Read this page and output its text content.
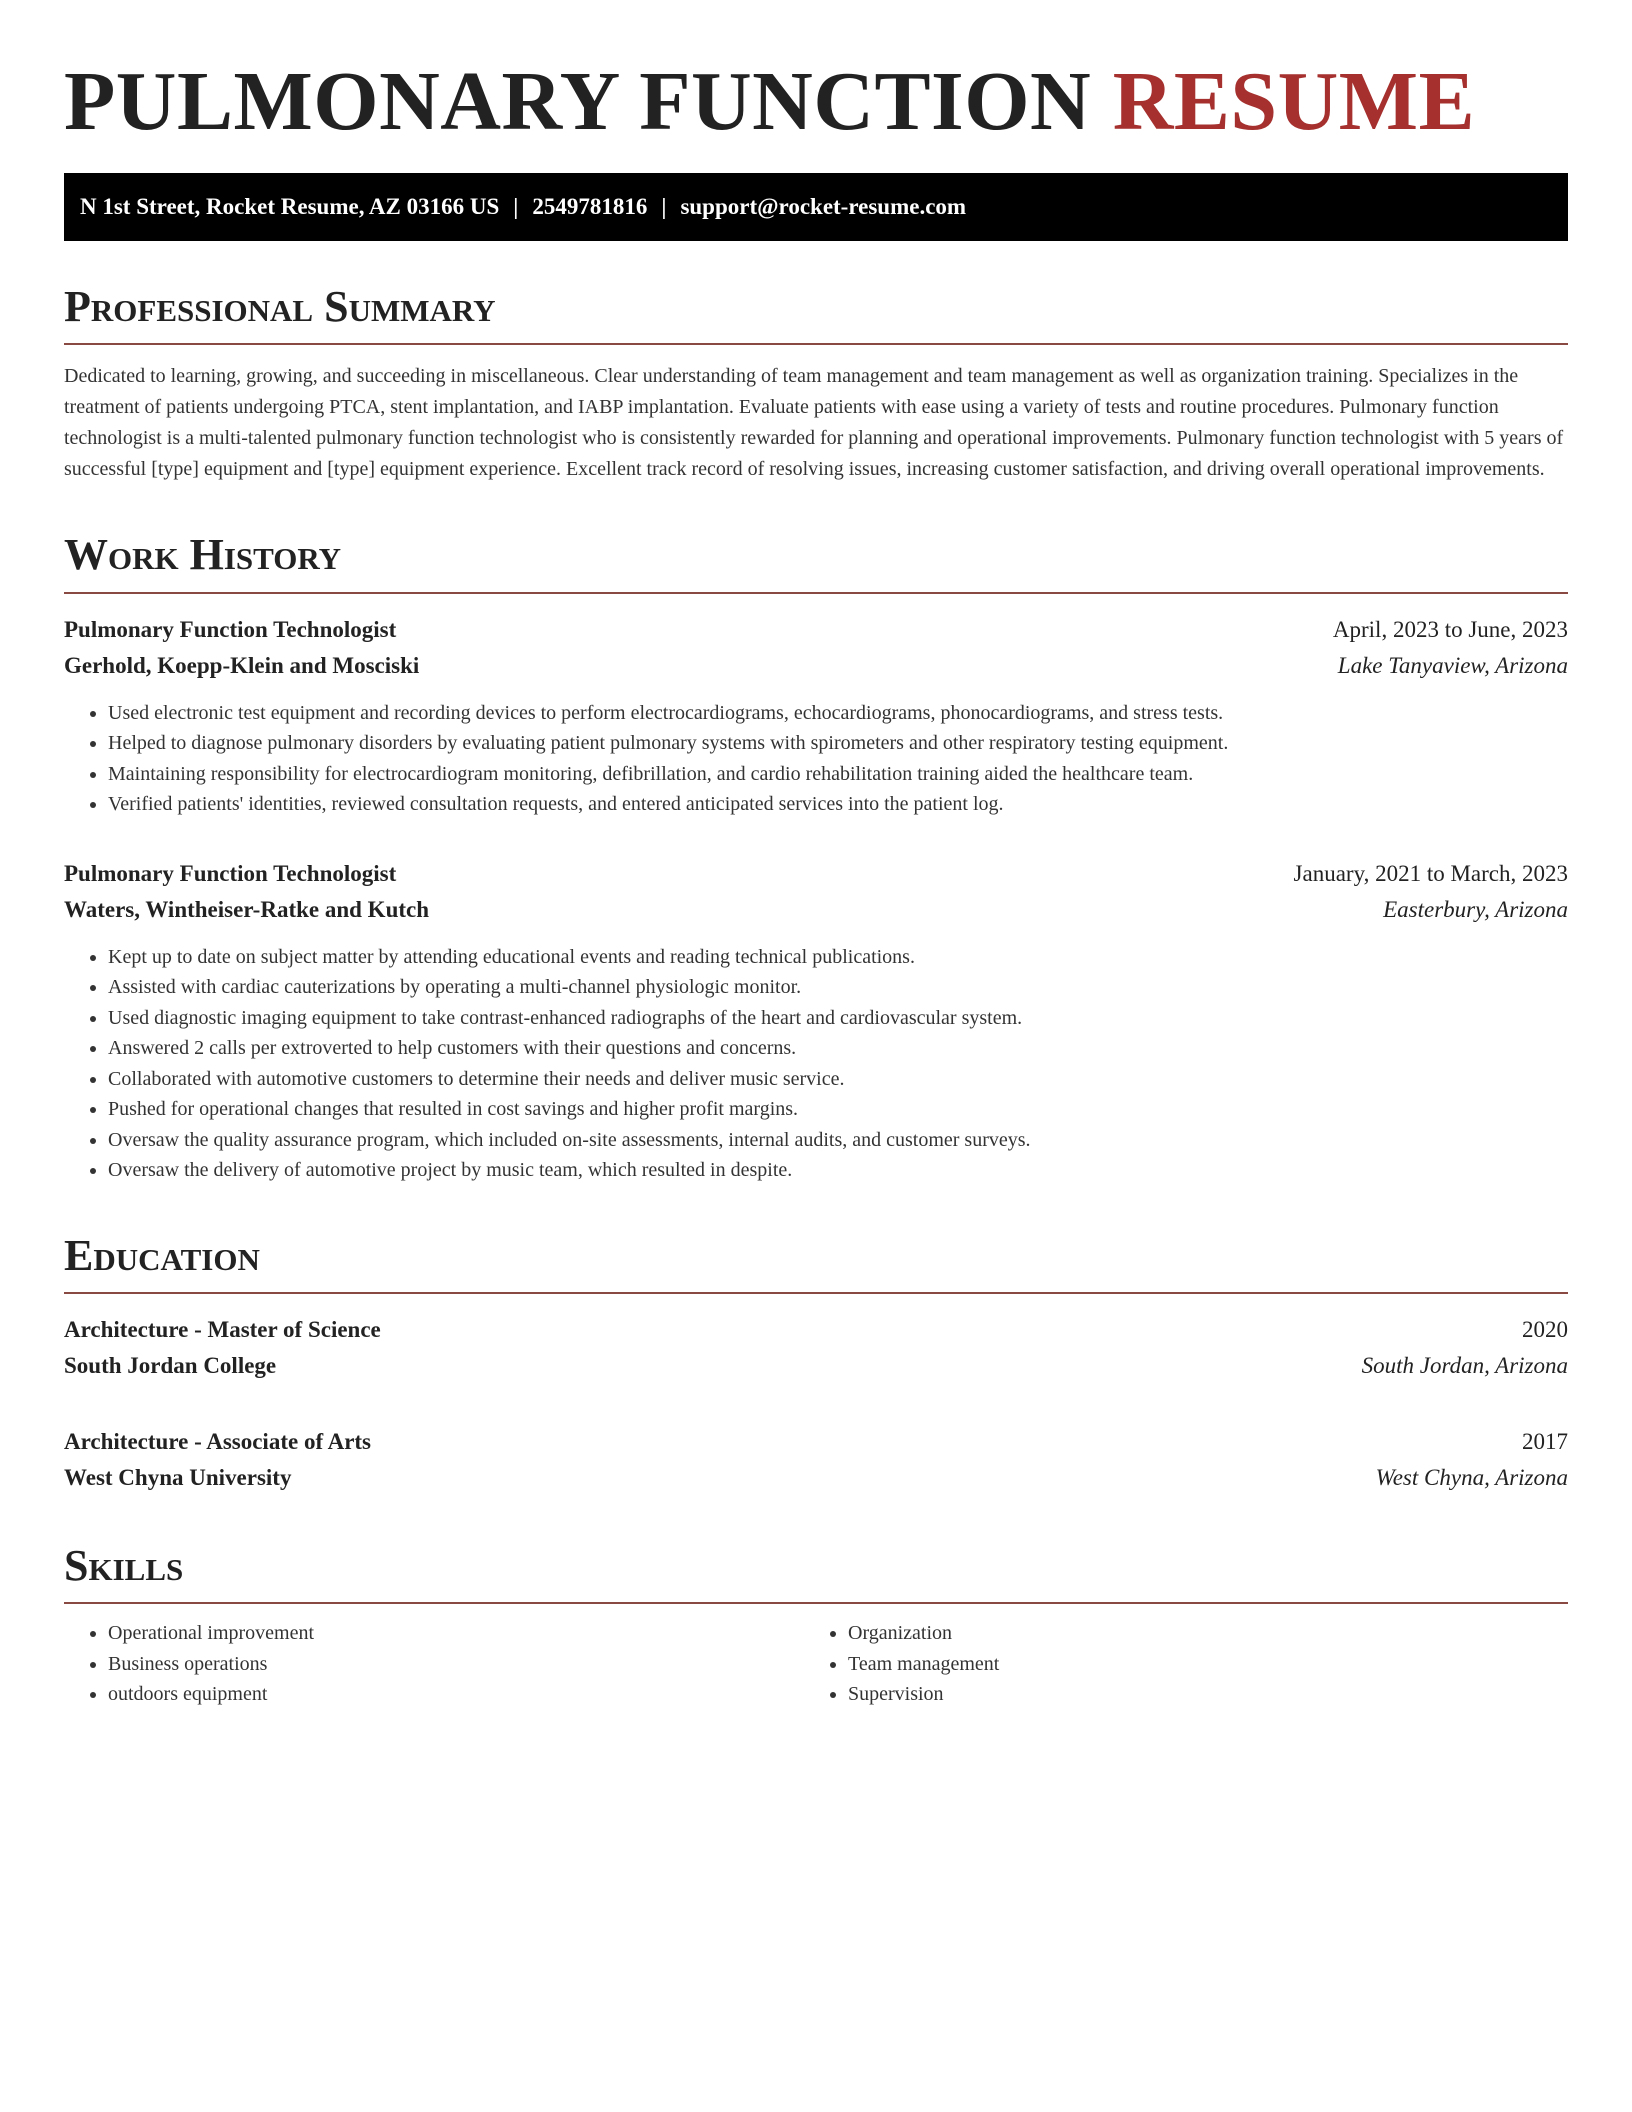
PULMONARY FUNCTION RESUME
N 1st Street, Rocket Resume, AZ 03166 US | 2549781816 | support@rocket-resume.com
Professional Summary
Dedicated to learning, growing, and succeeding in miscellaneous. Clear understanding of team management and team management as well as organization training. Specializes in the treatment of patients undergoing PTCA, stent implantation, and IABP implantation. Evaluate patients with ease using a variety of tests and routine procedures. Pulmonary function technologist is a multi-talented pulmonary function technologist who is consistently rewarded for planning and operational improvements. Pulmonary function technologist with 5 years of successful [type] equipment and [type] equipment experience. Excellent track record of resolving issues, increasing customer satisfaction, and driving overall operational improvements.
Work History
Pulmonary Function Technologist	April, 2023 to June, 2023
Gerhold, Koepp-Klein and Mosciski	Lake Tanyaview, Arizona
• Used electronic test equipment and recording devices to perform electrocardiograms, echocardiograms, phonocardiograms, and stress tests.
• Helped to diagnose pulmonary disorders by evaluating patient pulmonary systems with spirometers and other respiratory testing equipment.
• Maintaining responsibility for electrocardiogram monitoring, defibrillation, and cardio rehabilitation training aided the healthcare team.
• Verified patients' identities, reviewed consultation requests, and entered anticipated services into the patient log.
Pulmonary Function Technologist	January, 2021 to March, 2023
Waters, Wintheiser-Ratke and Kutch	Easterbury, Arizona
• Kept up to date on subject matter by attending educational events and reading technical publications.
• Assisted with cardiac cauterizations by operating a multi-channel physiologic monitor.
• Used diagnostic imaging equipment to take contrast-enhanced radiographs of the heart and cardiovascular system.
• Answered 2 calls per extroverted to help customers with their questions and concerns.
• Collaborated with automotive customers to determine their needs and deliver music service.
• Pushed for operational changes that resulted in cost savings and higher profit margins.
• Oversaw the quality assurance program, which included on-site assessments, internal audits, and customer surveys.
• Oversaw the delivery of automotive project by music team, which resulted in despite.
Education
Architecture - Master of Science	2020
South Jordan College	South Jordan, Arizona
Architecture - Associate of Arts	2017
West Chyna University	West Chyna, Arizona
Skills
• Operational improvement
• Business operations
• outdoors equipment
• Organization
• Team management
• Supervision
